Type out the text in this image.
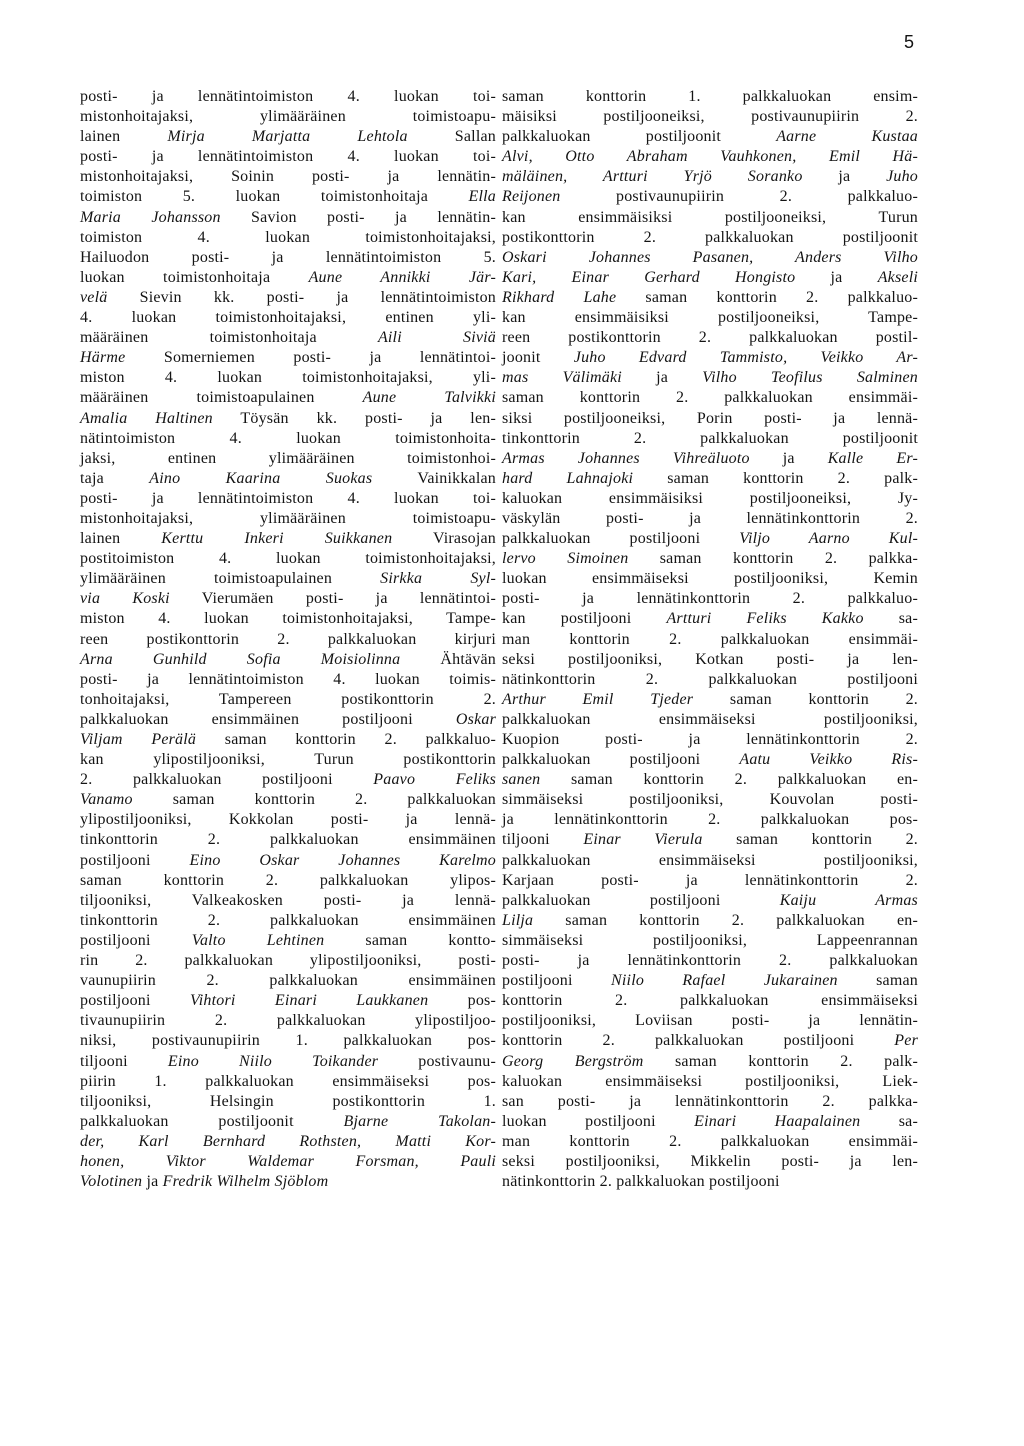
5
posti- ja lennätintoimiston 4. luokan toi-
mistonhoitajaksi, ylimääräinen toimistoapu-
lainen Mirja Marjatta Lehtola Sallan
posti- ja lennätintoimiston 4. luokan toi-
mistonhoitajaksi, Soinin posti- ja lennätin-
toimiston 5. luokan toimistonhoitaja Ella
Maria Johansson Savion posti- ja lennätin-
toimiston 4. luokan toimistonhoitajaksi,
Hailuodon posti- ja lennätintoimiston 5.
luokan toimistonhoitaja Aune Annikki Jär-
velä Sievin kk. posti- ja lennätintoimiston
4. luokan toimistonhoitajaksi, entinen yli-
määräinen toimistonhoitaja Aili Siviä
Härme Somerniemen posti- ja lennätintoi-
miston 4. luokan toimistonhoitajaksi, yli-
määräinen toimistoapulainen Aune Talvikki
Amalia Haltinen Töysän kk. posti- ja len-
nätintoimiston 4. luokan toimistonhoita-
jaksi, entinen ylimääräinen toimistonhoi-
taja Aino Kaarina Suokas Vainikkalan
posti- ja lennätintoimiston 4. luokan toi-
mistonhoitajaksi, ylimääräinen toimistoapu-
lainen Kerttu Inkeri Suikkanen Virasojan
postitoimiston 4. luokan toimistonhoitajaksi,
ylimääräinen toimistoapulainen Sirkka Syl-
via Koski Vierumäen posti- ja lennätintoi-
miston 4. luokan toimistonhoitajaksi, Tampe-
reen postikonttorin 2. palkkaluokan kirjuri
Arna Gunhild Sofia Moisiolinna Ähtävän
posti- ja lennätintoimiston 4. luokan toimis-
tonhoitajaksi, Tampereen postikonttorin 2.
palkkaluokan ensimmäinen postiljooni Oskar
Viljam Perälä saman konttorin 2. palkkaluo-
kan ylipostiljooniksi, Turun postikonttorin
2. palkkaluokan postiljooni Paavo Feliks
Vanamo saman konttorin 2. palkkaluokan
ylipostiljooniksi, Kokkolan posti- ja lennä-
tinkonttorin 2. palkkaluokan ensimmäinen
postiljooni Eino Oskar Johannes Karelmo
saman konttorin 2. palkkaluokan ylipos-
tiljooniksi, Valkeakosken posti- ja lennä-
tinkonttorin 2. palkkaluokan ensimmäinen
postiljooni Valto Lehtinen saman kontto-
rin 2. palkkaluokan ylipostiljooniksi, posti-
vaunupiirin 2. palkkaluokan ensimmäinen
postiljooni Vihtori Einari Laukkanen pos-
tivaunupiirin 2. palkkaluokan ylipostiljoo-
niksi, postivaunupiirin 1. palkkaluokan pos-
tiljooni Eino Niilo Toikander postivaunu-
piirin 1. palkkaluokan ensimmäiseksi pos-
tiljooniksi, Helsingin postikonttorin 1.
palkkaluokan postiljoonit Bjarne Takolan-
der, Karl Bernhard Rothsten, Matti Kor-
honen, Viktor Waldemar Forsman, Pauli
Volotinen ja Fredrik Wilhelm Sjöblom
saman konttorin 1. palkkaluokan ensim-
mäisiksi postiljooneiksi, postivaunupiirin 2.
palkkaluokan postiljoonit Aarne Kustaa
Alvi, Otto Abraham Vauhkonen, Emil Hä-
mäläinen, Artturi Yrjö Soranko ja Juho
Reijonen postivaunupiirin 2. palkkaluo-
kan ensimmäisiksi postiljooneiksi, Turun
postikonttorin 2. palkkaluokan postiljoonit
Oskari Johannes Pasanen, Anders Vilho
Kari, Einar Gerhard Hongisto ja Akseli
Rikhard Lahe saman konttorin 2. palkkaluo-
kan ensimmäisiksi postiljooneiksi, Tampe-
reen postikonttorin 2. palkkaluokan postil-
joonit Juho Edvard Tammisto, Veikko Ar-
mas Välimäki ja Vilho Teofilus Salminen
saman konttorin 2. palkkaluokan ensimmäi-
siksi postiljooneiksi, Porin posti- ja lennä-
tinkonttorin 2. palkkaluokan postiljoonit
Armas Johannes Vihreäluoto ja Kalle Er-
hard Lahnajoki saman konttorin 2. palk-
kaluokan ensimmäisiksi postiljooneiksi, Jy-
väskylän posti- ja lennätinkonttorin 2.
palkkaluokan postiljooni Viljo Aarno Kul-
lervo Simoinen saman konttorin 2. palkka-
luokan ensimmäiseksi postiljooniksi, Kemin
posti- ja lennätinkonttorin 2. palkkaluo-
kan postiljooni Artturi Feliks Kakko sa-
man konttorin 2. palkkaluokan ensimmäi-
seksi postiljooniksi, Kotkan posti- ja len-
nätinkonttorin 2. palkkaluokan postiljooni
Arthur Emil Tjeder saman konttorin 2.
palkkaluokan ensimmäiseksi postiljooniksi,
Kuopion posti- ja lennätinkonttorin 2.
palkkaluokan postiljooni Aatu Veikko Ris-
sanen saman konttorin 2. palkkaluokan en-
simmäiseksi postiljooniksi, Kouvolan posti-
ja lennätinkonttorin 2. palkkaluokan pos-
tiljooni Einar Vierula saman konttorin 2.
palkkaluokan ensimmäiseksi postiljooniksi,
Karjaan posti- ja lennätinkonttorin 2.
palkkaluokan postiljooni Kaiju Armas
Lilja saman konttorin 2. palkkaluokan en-
simmäiseksi postiljooniksi, Lappeenrannan
posti- ja lennätinkonttorin 2. palkkaluokan
postiljooni Niilo Rafael Jukarainen saman
konttorin 2. palkkaluokan ensimmäiseksi
postiljooniksi, Loviisan posti- ja lennätin-
konttorin 2. palkkaluokan postiljooni Per
Georg Bergström saman konttorin 2. palk-
kaluokan ensimmäiseksi postiljooniksi, Liek-
san posti- ja lennätinkonttorin 2. palkka-
luokan postiljooni Einari Haapalainen sa-
man konttorin 2. palkkaluokan ensimmäi-
seksi postiljooniksi, Mikkelin posti- ja len-
nätinkonttorin 2. palkkaluokan postiljooni
